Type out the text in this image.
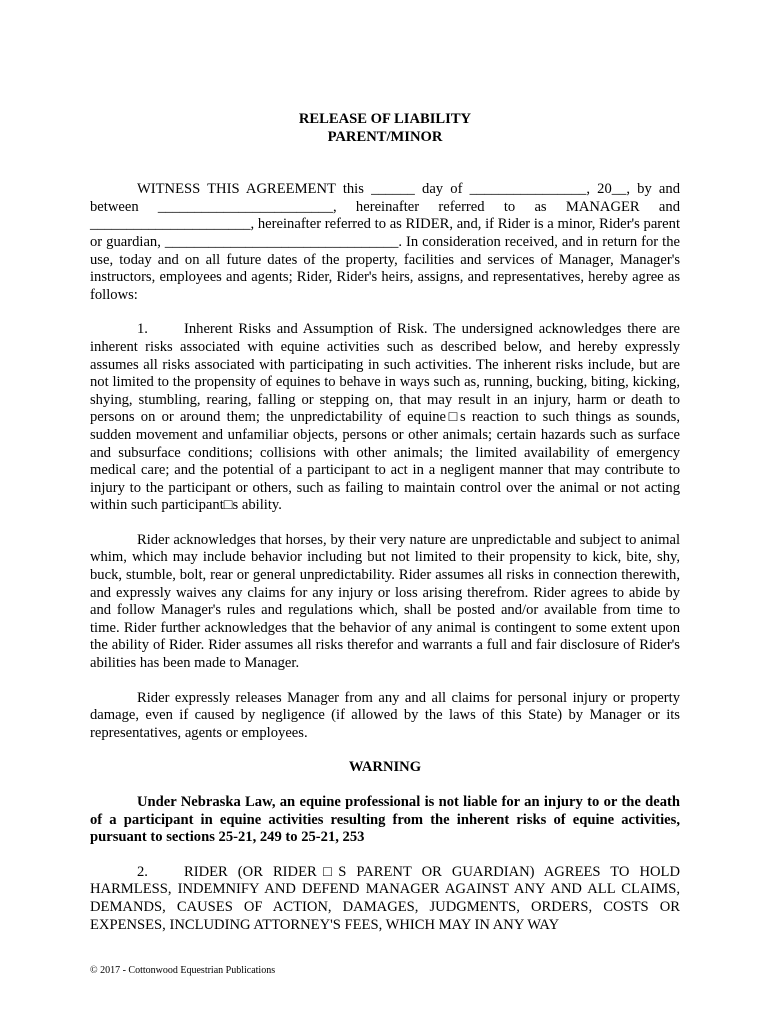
RELEASE OF LIABILITY
PARENT/MINOR

WITNESS THIS AGREEMENT this ______ day of ________________, 20__, by and between ________________________, hereinafter referred to as MANAGER and ______________________, hereinafter referred to as RIDER, and, if Rider is a minor, Rider's parent or guardian, ________________________________. In consideration received, and in return for the use, today and on all future dates of the property, facilities and services of Manager, Manager's instructors, employees and agents; Rider, Rider's heirs, assigns, and representatives, hereby agree as follows:

1. Inherent Risks and Assumption of Risk. The undersigned acknowledges there are inherent risks associated with equine activities such as described below, and hereby expressly assumes all risks associated with participating in such activities. The inherent risks include, but are not limited to the propensity of equines to behave in ways such as, running, bucking, biting, kicking, shying, stumbling, rearing, falling or stepping on, that may result in an injury, harm or death to persons on or around them; the unpredictability of equine□s reaction to such things as sounds, sudden movement and unfamiliar objects, persons or other animals; certain hazards such as surface and subsurface conditions; collisions with other animals; the limited availability of emergency medical care; and the potential of a participant to act in a negligent manner that may contribute to injury to the participant or others, such as failing to maintain control over the animal or not acting within such participant□s ability.

Rider acknowledges that horses, by their very nature are unpredictable and subject to animal whim, which may include behavior including but not limited to their propensity to kick, bite, shy, buck, stumble, bolt, rear or general unpredictability. Rider assumes all risks in connection therewith, and expressly waives any claims for any injury or loss arising therefrom. Rider agrees to abide by and follow Manager's rules and regulations which, shall be posted and/or available from time to time. Rider further acknowledges that the behavior of any animal is contingent to some extent upon the ability of Rider. Rider assumes all risks therefor and warrants a full and fair disclosure of Rider's abilities has been made to Manager.

Rider expressly releases Manager from any and all claims for personal injury or property damage, even if caused by negligence (if allowed by the laws of this State) by Manager or its representatives, agents or employees.

WARNING

Under Nebraska Law, an equine professional is not liable for an injury to or the death of a participant in equine activities resulting from the inherent risks of equine activities, pursuant to sections 25-21, 249 to 25-21, 253

2. RIDER (OR RIDER□S PARENT OR GUARDIAN) AGREES TO HOLD HARMLESS, INDEMNIFY AND DEFEND MANAGER AGAINST ANY AND ALL CLAIMS, DEMANDS, CAUSES OF ACTION, DAMAGES, JUDGMENTS, ORDERS, COSTS OR EXPENSES, INCLUDING ATTORNEY'S FEES, WHICH MAY IN ANY WAY

© 2017 - Cottonwood Equestrian Publications
